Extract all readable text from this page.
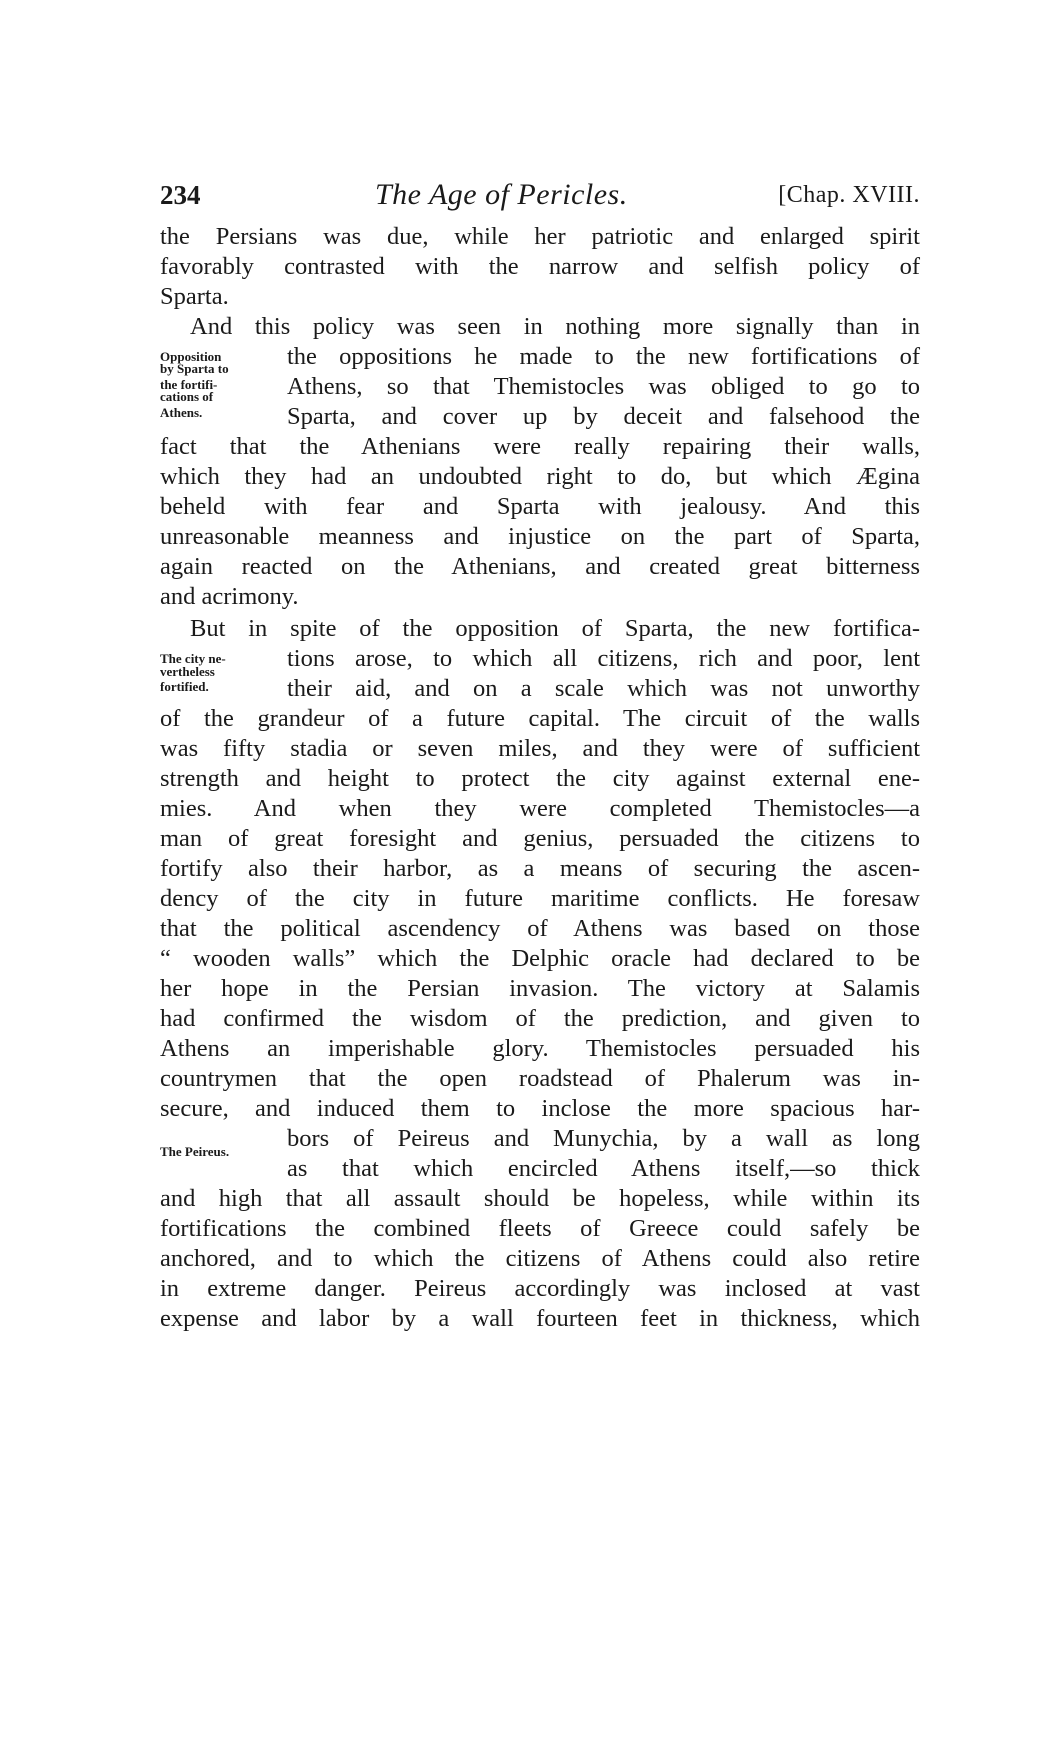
234	The Age of Pericles.	[Chap. XVIII.
the Persians was due, while her patriotic and enlarged spirit
favorably contrasted with the narrow and selfish policy of
Sparta.
And this policy was seen in nothing more signally than in
the oppositions he made to the new fortifications of
Athens, so that Themistocles was obliged to go to
Sparta, and cover up by deceit and falsehood the
fact that the Athenians were really repairing their walls,
which they had an undoubted right to do, but which Ægina
beheld with fear and Sparta with jealousy. And this
unreasonable meanness and injustice on the part of Sparta,
again reacted on the Athenians, and created great bitterness
and acrimony.
But in spite of the opposition of Sparta, the new fortifica-
tions arose, to which all citizens, rich and poor, lent
their aid, and on a scale which was not unworthy
of the grandeur of a future capital. The circuit of the walls
was fifty stadia or seven miles, and they were of sufficient
strength and height to protect the city against external ene-
mies. And when they were completed Themistocles—a
man of great foresight and genius, persuaded the citizens to
fortify also their harbor, as a means of securing the ascen-
dency of the city in future maritime conflicts. He foresaw
that the political ascendency of Athens was based on those
“ wooden walls” which the Delphic oracle had declared to be
her hope in the Persian invasion. The victory at Salamis
had confirmed the wisdom of the prediction, and given to
Athens an imperishable glory. Themistocles persuaded his
countrymen that the open roadstead of Phalerum was in-
secure, and induced them to inclose the more spacious har-
bors of Peireus and Munychia, by a wall as long
as that which encircled Athens itself,—so thick
and high that all assault should be hopeless, while within its
fortifications the combined fleets of Greece could safely be
anchored, and to which the citizens of Athens could also retire
in extreme danger. Peireus accordingly was inclosed at vast
expense and labor by a wall fourteen feet in thickness, which
Opposition
by Sparta to
the fortifi-
cations of
Athens.
The city ne-
vertheless
fortified.
The Peireus.
